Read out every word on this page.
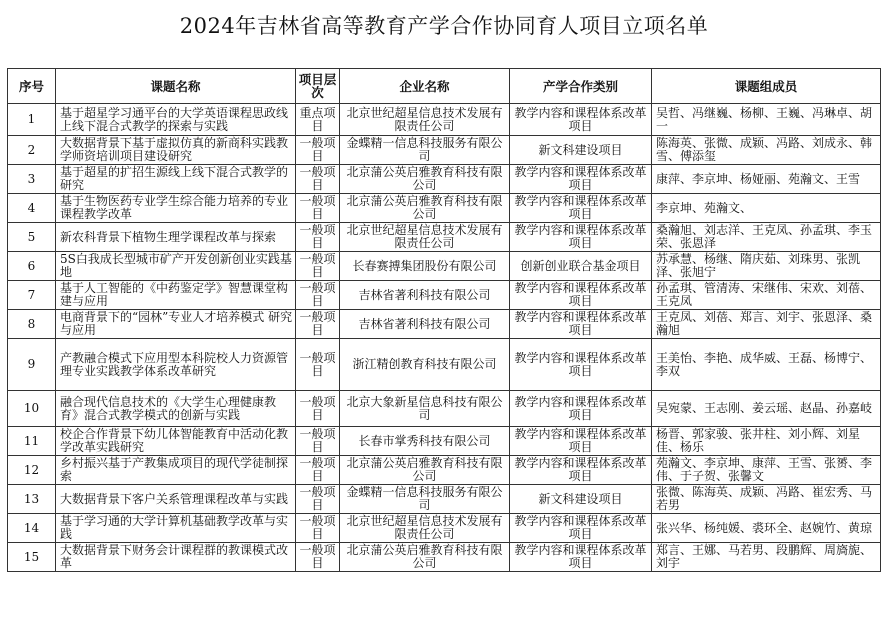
2024年吉林省高等教育产学合作协同育人项目立项名单
序号	课题名称	项目层次	企业名称	产学合作类别	课题组成员
1	基于超星学习通平台的大学英语课程思政线上线下混合式教学的探索与实践	重点项目	北京世纪超星信息技术发展有限责任公司	教学内容和课程体系改革项目	吴哲、冯继巍、杨柳、王巍、冯琳卓、胡一
2	大数据背景下基于虚拟仿真的新商科实践教学师资培训项目建设研究	一般项目	金蝶精一信息科技服务有限公司	新文科建设项目	陈海英、张微、成颖、冯路、刘成永、韩雪、傅添玺
3	基于超星的扩招生源线上线下混合式教学的研究	一般项目	北京蒲公英启雅教育科技有限公司	教学内容和课程体系改革项目	康萍、李京坤、杨娅丽、苑瀚文、王雪
4	基于生物医药专业学生综合能力培养的专业课程教学改革	一般项目	北京蒲公英启雅教育科技有限公司	教学内容和课程体系改革项目	李京坤、苑瀚文、
5	新农科背景下植物生理学课程改革与探索	一般项目	北京世纪超星信息技术发展有限责任公司	教学内容和课程体系改革项目	桑瀚旭、刘志洋、王克凤、孙孟琪、李玉荣、张恩泽
6	5S白我成长型城市矿产开发创新创业实践基地	一般项目	长春赛搏集团股份有限公司	创新创业联合基金项目	苏承慧、杨继、隋庆茹、刘珠男、张凯泽、张旭宁
7	基于人工智能的《中药鉴定学》智慧课堂构建与应用	一般项目	吉林省著利科技有限公司	教学内容和课程体系改革项目	孙孟琪、管清涛、宋继伟、宋欢、刘蓓、王克凤
8	电商背景下的“园林”专业人才培养模式 研究与应用	一般项目	吉林省著利科技有限公司	教学内容和课程体系改革项目	王克凤、刘蓓、郑言、刘宇、张恩泽、桑瀚旭
9	产教融合模式下应用型本科院校人力资源管理专业实践教学体系改革研究	一般项目	浙江精创教育科技有限公司	教学内容和课程体系改革项目	王美怡、李艳、成华威、王磊、杨博宁、李双
10	融合现代信息技术的《大学生心理健康教育》混合式教学模式的创新与实践	一般项目	北京大象新星信息科技有限公司	教学内容和课程体系改革项目	吴宛蒙、王志刚、姜云瑶、赵晶、孙嘉岐
11	校企合作背景下幼儿体智能教育中活动化教学改革实践研究	一般项目	长春市掌秀科技有限公司	教学内容和课程体系改革项目	杨晋、郭家骏、张井柱、刘小辉、刘星佳、杨乐
12	乡村振兴基于产教集成项目的现代学徒制探索	一般项目	北京蒲公英启雅教育科技有限公司	教学内容和课程体系改革项目	苑瀚文、李京坤、康萍、王雪、张赟、李伟、于子贺、张馨文
13	大数据背景下客户关系管理课程改革与实践	一般项目	金蝶精一信息科技服务有限公司	新文科建设项目	张微、陈海英、成颖、冯路、崔宏秀、马若男
14	基于学习通的大学计算机基础教学改革与实践	一般项目	北京世纪超星信息技术发展有限责任公司	教学内容和课程体系改革项目	张兴华、杨纯媛、裘环全、赵婉竹、黄琼
15	大数据背景下财务会计课程群的教课模式改革	一般项目	北京蒲公英启雅教育科技有限公司	教学内容和课程体系改革项目	郑言、王娜、马若男、段鹏辉、周旖旎、刘宇
